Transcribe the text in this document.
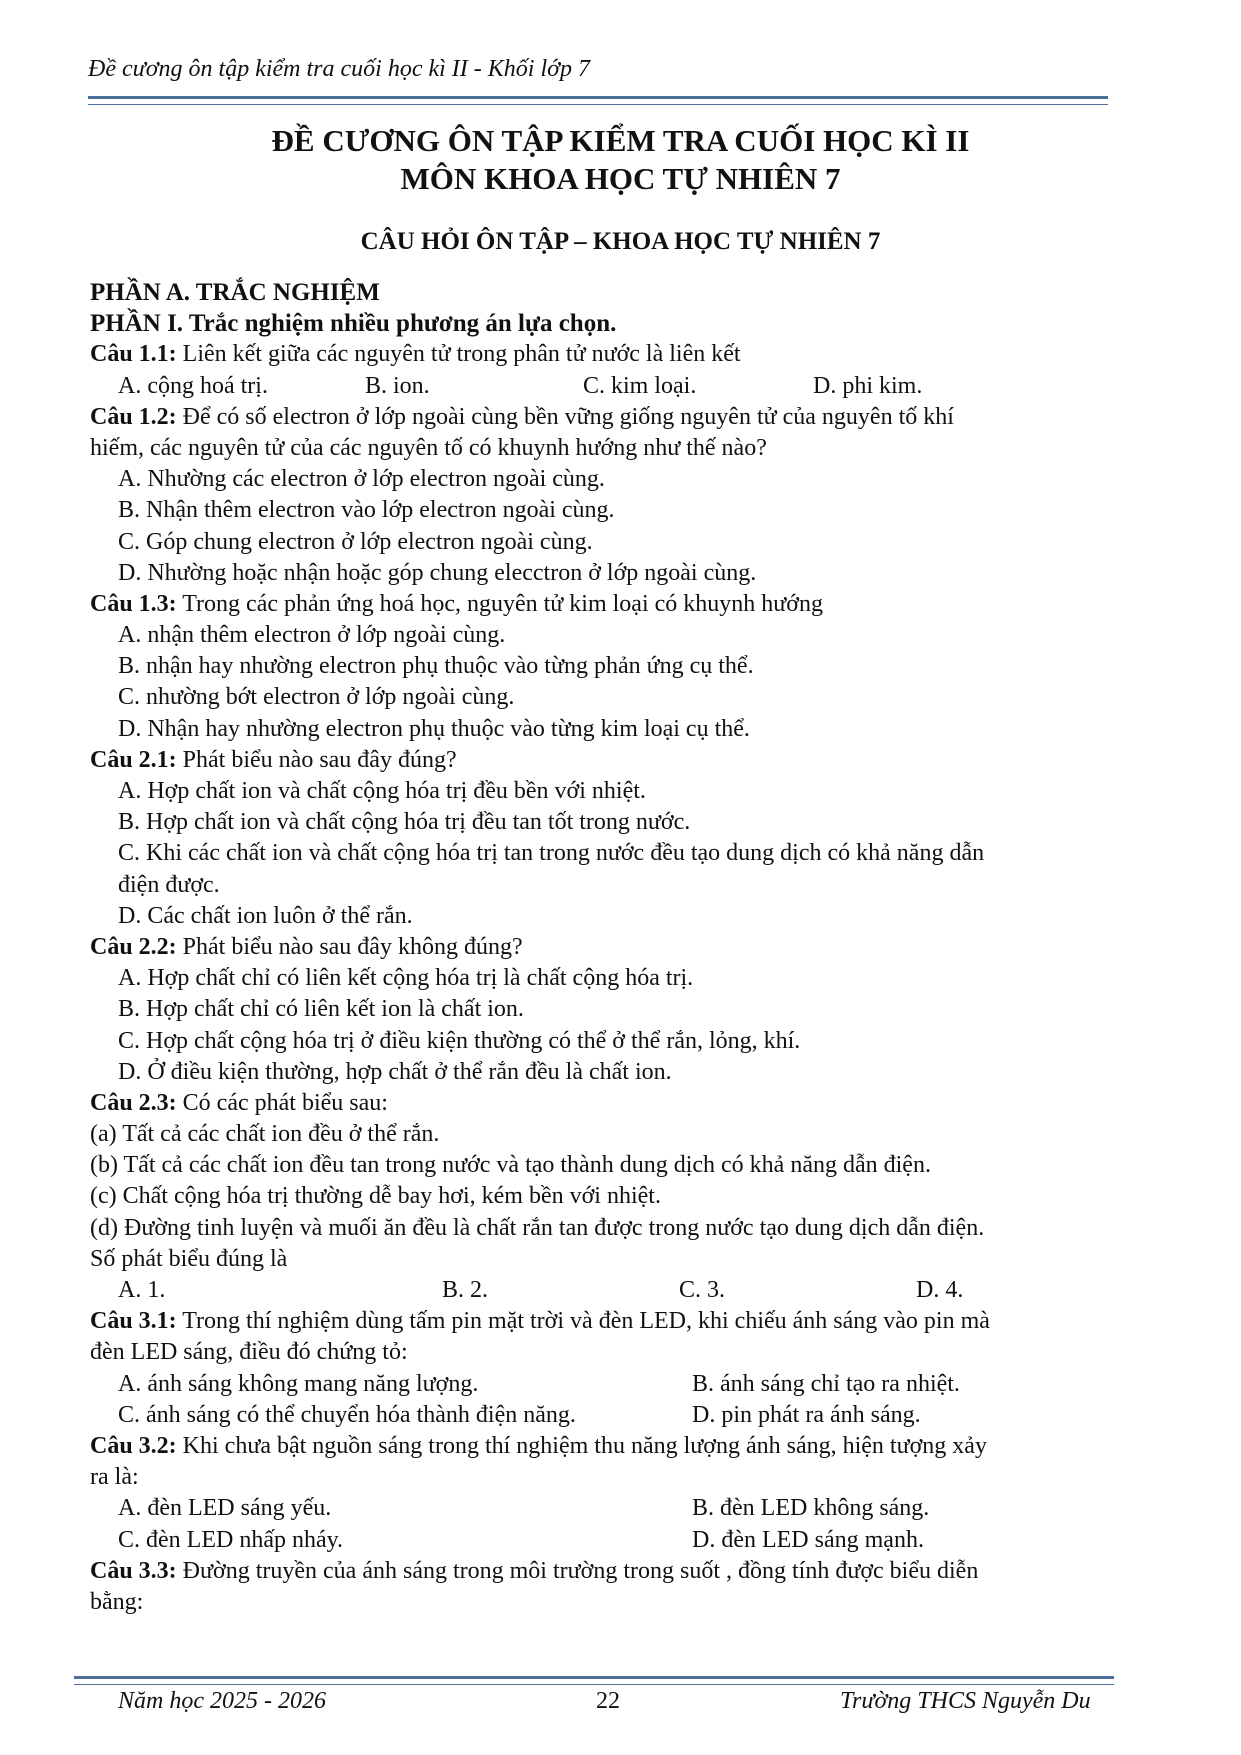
Đề cương ôn tập kiểm tra cuối học kì II - Khối lớp 7
ĐỀ CƯƠNG ÔN TẬP KIỂM TRA CUỐI HỌC KÌ II
MÔN KHOA HỌC TỰ NHIÊN 7
CÂU HỎI ÔN TẬP – KHOA HỌC TỰ NHIÊN 7
PHẦN A. TRẮC NGHIỆM
PHẦN I. Trắc nghiệm nhiều phương án lựa chọn.
Câu 1.1: Liên kết giữa các nguyên tử trong phân tử nước là liên kết
A. cộng hoá trị.	B. ion.	C. kim loại.	D. phi kim.
Câu 1.2: Để có số electron ở lớp ngoài cùng bền vững giống nguyên tử của nguyên tố khí
hiếm, các nguyên tử của các nguyên tố có khuynh hướng như thế nào?
A. Nhường các electron ở lớp electron ngoài cùng.
B. Nhận thêm electron vào lớp electron ngoài cùng.
C. Góp chung electron ở lớp electron ngoài cùng.
D. Nhường hoặc nhận hoặc góp chung elecctron ở lớp ngoài cùng.
Câu 1.3: Trong các phản ứng hoá học, nguyên tử kim loại có khuynh hướng
A. nhận thêm electron ở lớp ngoài cùng.
B. nhận hay nhường electron phụ thuộc vào từng phản ứng cụ thể.
C. nhường bớt electron ở lớp ngoài cùng.
D. Nhận hay nhường electron phụ thuộc vào từng kim loại cụ thể.
Câu 2.1: Phát biểu nào sau đây đúng?
A. Hợp chất ion và chất cộng hóa trị đều bền với nhiệt.
B. Hợp chất ion và chất cộng hóa trị đều tan tốt trong nước.
C. Khi các chất ion và chất cộng hóa trị tan trong nước đều tạo dung dịch có khả năng dẫn
điện được.
D. Các chất ion luôn ở thể rắn.
Câu 2.2: Phát biểu nào sau đây không đúng?
A. Hợp chất chỉ có liên kết cộng hóa trị là chất cộng hóa trị.
B. Hợp chất chỉ có liên kết ion là chất ion.
C. Hợp chất cộng hóa trị ở điều kiện thường có thể ở thể rắn, lỏng, khí.
D. Ở điều kiện thường, hợp chất ở thể rắn đều là chất ion.
Câu 2.3: Có các phát biểu sau:
(a) Tất cả các chất ion đều ở thể rắn.
(b) Tất cả các chất ion đều tan trong nước và tạo thành dung dịch có khả năng dẫn điện.
(c) Chất cộng hóa trị thường dễ bay hơi, kém bền với nhiệt.
(d) Đường tinh luyện và muối ăn đều là chất rắn tan được trong nước tạo dung dịch dẫn điện.
Số phát biểu đúng là
A. 1.	B. 2.	C. 3.	D. 4.
Câu 3.1: Trong thí nghiệm dùng tấm pin mặt trời và đèn LED, khi chiếu ánh sáng vào pin mà
đèn LED sáng, điều đó chứng tỏ:
A. ánh sáng không mang năng lượng.	B. ánh sáng chỉ tạo ra nhiệt.
C. ánh sáng có thể chuyển hóa thành điện năng.	D. pin phát ra ánh sáng.
Câu 3.2: Khi chưa bật nguồn sáng trong thí nghiệm thu năng lượng ánh sáng, hiện tượng xảy
ra là:
A. đèn LED sáng yếu.	B. đèn LED không sáng.
C. đèn LED nhấp nháy.	D. đèn LED sáng mạnh.
Câu 3.3: Đường truyền của ánh sáng trong môi trường trong suốt , đồng tính được biểu diễn
bằng:
Năm học 2025 - 2026	22	Trường THCS Nguyễn Du
